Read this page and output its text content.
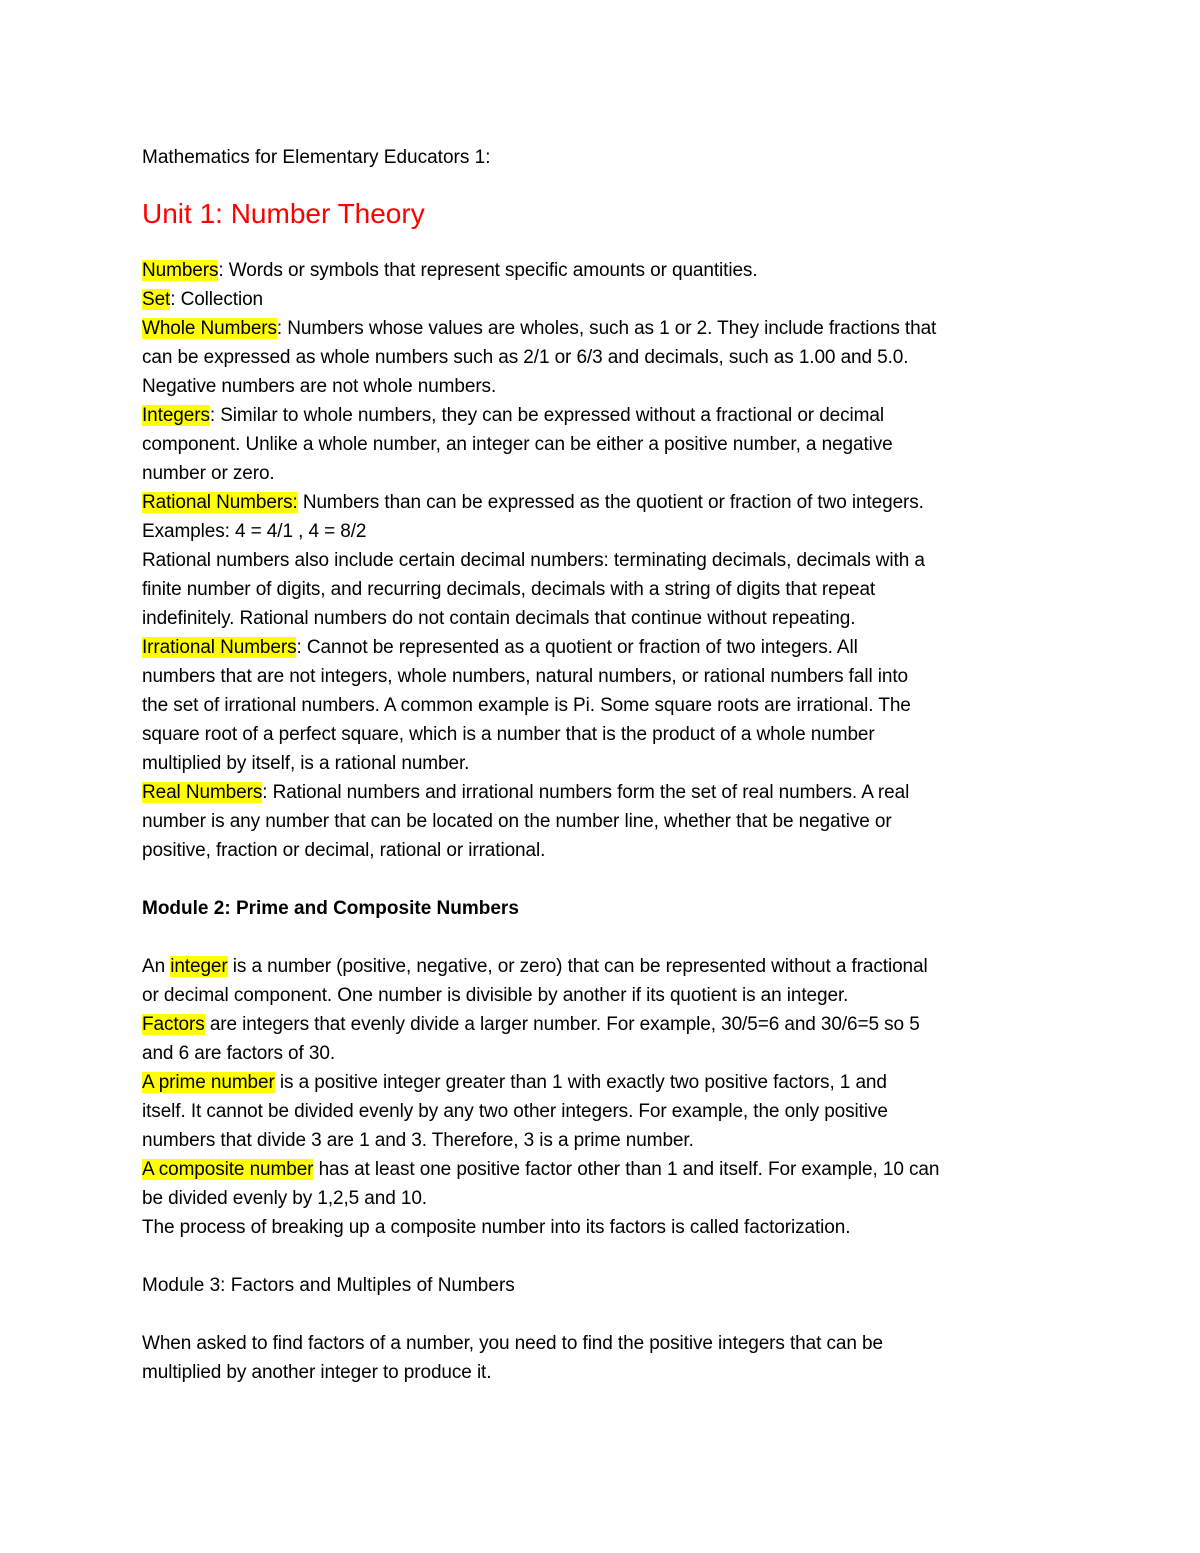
Mathematics for Elementary Educators 1:
Unit 1: Number Theory
Numbers: Words or symbols that represent specific amounts or quantities.
Set: Collection
Whole Numbers: Numbers whose values are wholes, such as 1 or 2. They include fractions that
can be expressed as whole numbers such as 2/1 or 6/3 and decimals, such as 1.00 and 5.0.
Negative numbers are not whole numbers.
Integers: Similar to whole numbers, they can be expressed without a fractional or decimal
component. Unlike a whole number, an integer can be either a positive number, a negative
number or zero.
Rational Numbers: Numbers than can be expressed as the quotient or fraction of two integers.
Examples: 4 = 4/1 , 4 = 8/2
Rational numbers also include certain decimal numbers: terminating decimals, decimals with a
finite number of digits, and recurring decimals, decimals with a string of digits that repeat
indefinitely. Rational numbers do not contain decimals that continue without repeating.
Irrational Numbers: Cannot be represented as a quotient or fraction of two integers. All
numbers that are not integers, whole numbers, natural numbers, or rational numbers fall into
the set of irrational numbers. A common example is Pi. Some square roots are irrational. The
square root of a perfect square, which is a number that is the product of a whole number
multiplied by itself, is a rational number.
Real Numbers: Rational numbers and irrational numbers form the set of real numbers. A real
number is any number that can be located on the number line, whether that be negative or
positive, fraction or decimal, rational or irrational.
Module 2: Prime and Composite Numbers
An integer is a number (positive, negative, or zero) that can be represented without a fractional
or decimal component. One number is divisible by another if its quotient is an integer.
Factors are integers that evenly divide a larger number. For example, 30/5=6 and 30/6=5 so 5
and 6 are factors of 30.
A prime number is a positive integer greater than 1 with exactly two positive factors, 1 and
itself. It cannot be divided evenly by any two other integers. For example, the only positive
numbers that divide 3 are 1 and 3. Therefore, 3 is a prime number.
A composite number has at least one positive factor other than 1 and itself. For example, 10 can
be divided evenly by 1,2,5 and 10.
The process of breaking up a composite number into its factors is called factorization.
Module 3: Factors and Multiples of Numbers
When asked to find factors of a number, you need to find the positive integers that can be
multiplied by another integer to produce it.
